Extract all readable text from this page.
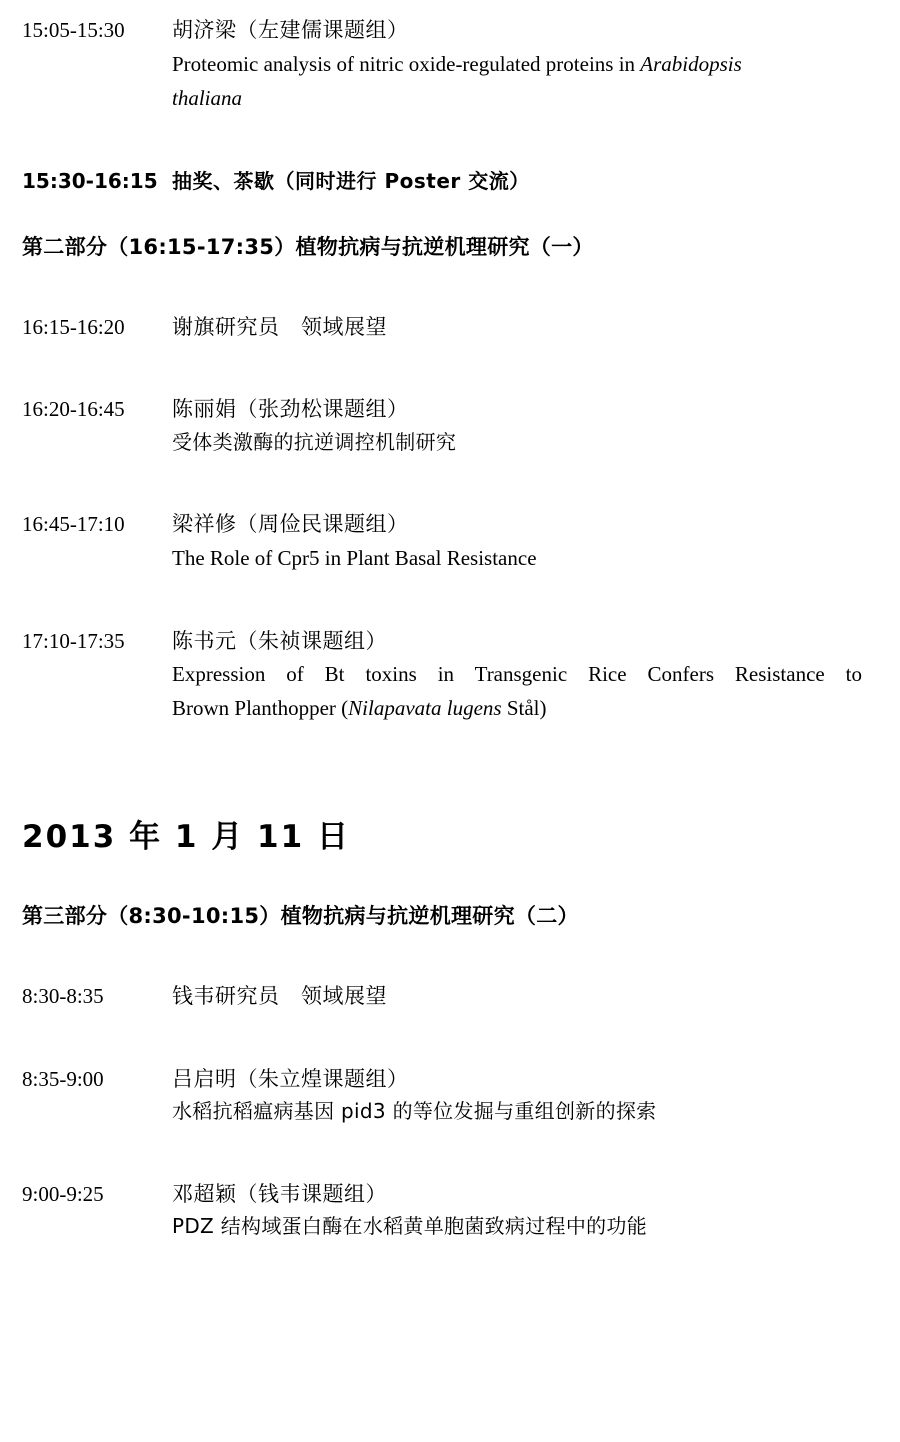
15:05-15:30	胡济梁（左建儒课题组）
Proteomic analysis of nitric oxide-regulated proteins in Arabidopsis
thaliana
15:30-16:15 抽奖、茶歇（同时进行 Poster 交流）
第二部分（16:15-17:35）植物抗病与抗逆机理研究（一）
16:15-16:20	谢旗研究员　领域展望
16:20-16:45	陈丽娟（张劲松课题组）
受体类激酶的抗逆调控机制研究
16:45-17:10	梁祥修（周俭民课题组）
The Role of Cpr5 in Plant Basal Resistance
17:10-17:35	陈书元（朱祯课题组）
Expression of Bt toxins in Transgenic Rice Confers Resistance to
Brown Planthopper (Nilapavata lugens Stål)
2013 年 1 月 11 日
第三部分（8:30-10:15）植物抗病与抗逆机理研究（二）
8:30-8:35	钱韦研究员　领域展望
8:35-9:00	吕启明（朱立煌课题组）
水稻抗稻瘟病基因 pid3 的等位发掘与重组创新的探索
9:00-9:25	邓超颖（钱韦课题组）
PDZ 结构域蛋白酶在水稻黄单胞菌致病过程中的功能
